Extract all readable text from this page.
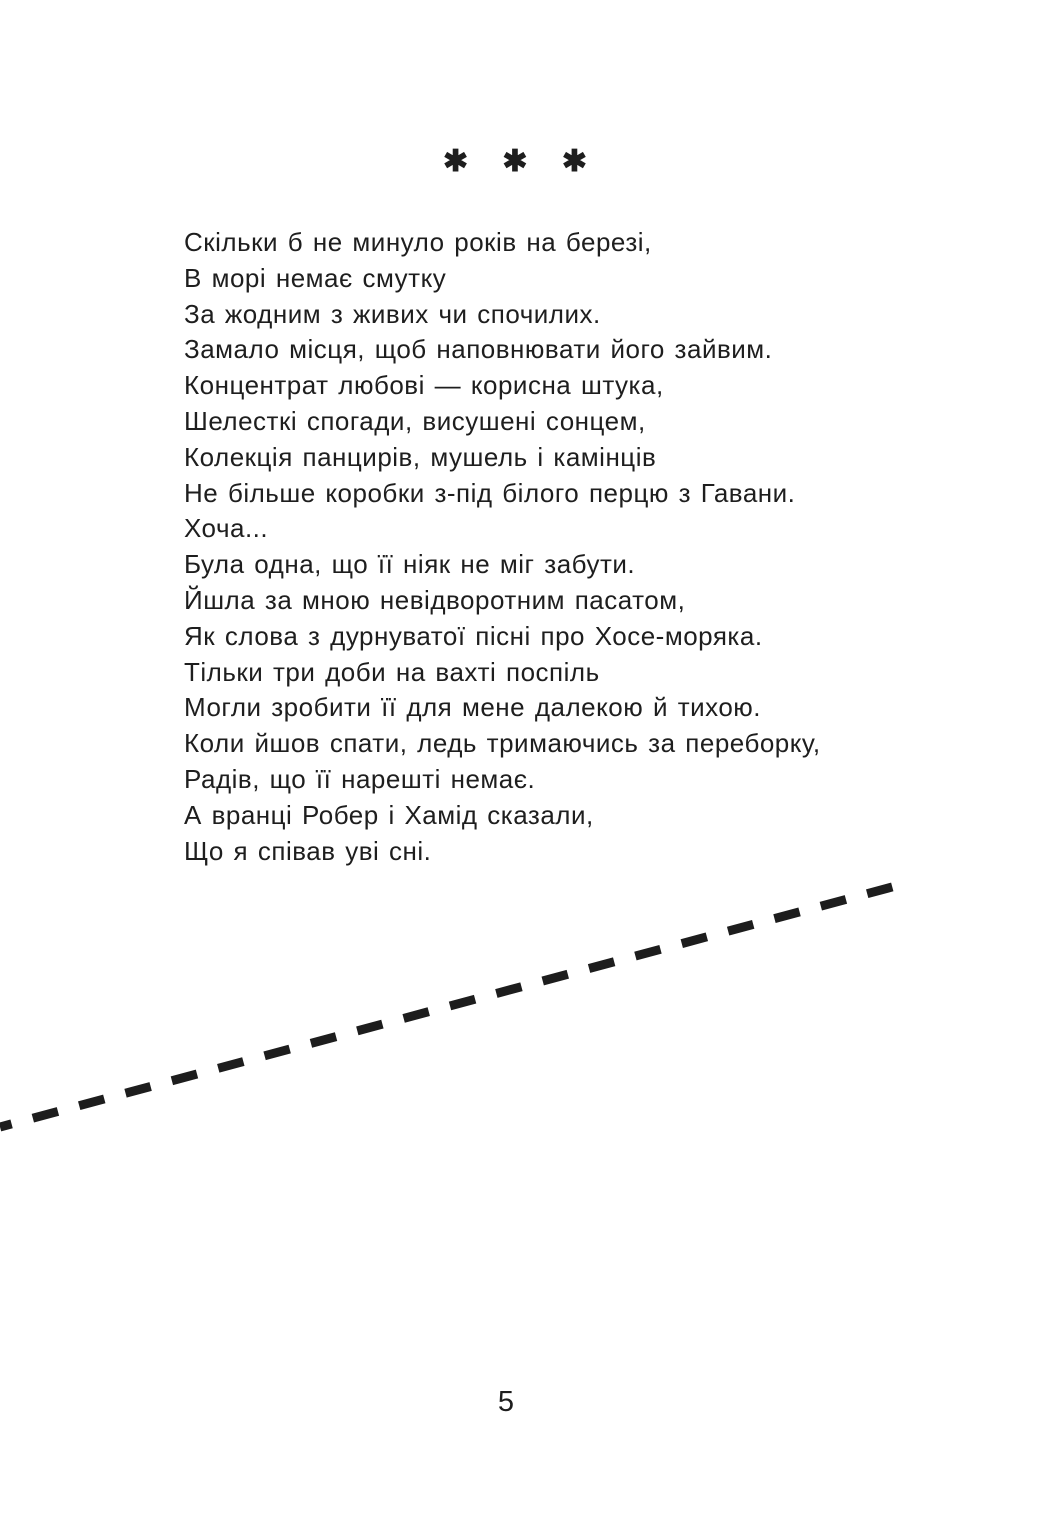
✱ ✱ ✱
Скільки б не минуло років на березі,
В морі немає смутку
За жодним з живих чи спочилих.
Замало місця, щоб наповнювати його зайвим.
Концентрат любові — корисна штука,
Шелесткі спогади, висушені сонцем,
Колекція панцирів, мушель і камінців
Не більше коробки з-під білого перцю з Гавани.
Хоча...
Була одна, що її ніяк не міг забути.
Йшла за мною невідворотним пасатом,
Як слова з дурнуватої пісні про Хосе-моряка.
Тільки три доби на вахті поспіль
Могли зробити її для мене далекою й тихою.
Коли йшов спати, ледь тримаючись за переборку,
Радів, що її нарешті немає.
А вранці Робер і Хамід сказали,
Що я співав уві сні.
5
